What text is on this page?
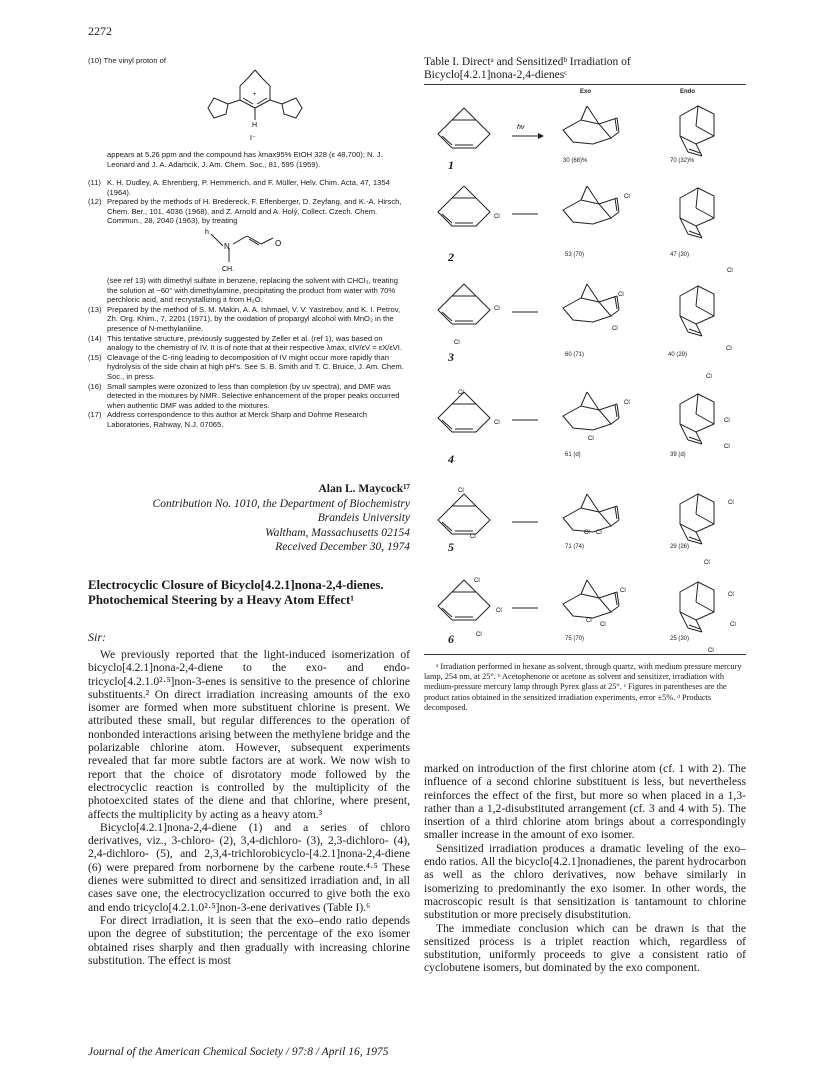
2272
(10) The vinyl proton of
+
H
I⁻
appears at 5.26 ppm and the compound has λmax95% EtOH 328 (ε 48,700); N. J. Leonard and J. A. Adamcik, J. Am. Chem. Soc., 81, 595 (1959).
(11) K. H. Dudley, A. Ehrenberg, P. Hemmerich, and F. Müller, Helv. Chim. Acta, 47, 1354 (1964).
(12) Prepared by the methods of H. Bredereck, F. Effenberger, D. Zeyfang, and K.-A. Hirsch, Chem. Ber., 101, 4036 (1968), and Z. Arnold and A. Holý, Collect. Czech. Chem. Commun., 28, 2040 (1963), by treating
h
N	O
CH.
(see ref 13) with dimethyl sulfate in benzene, replacing the solvent with CHCl₃, treating the solution at −60° with dimethylamine, precipitating the product from water with 70% perchloric acid, and recrystallizing it from H₂O.
(13) Prepared by the method of S. M. Makin, A. A. Ishmael, V. V. Yastrebov, and K. I. Petrov, Zh. Org. Khim., 7, 2201 (1971), by the oxidation of propargyl alcohol with MnO₂ in the presence of N-methylaniline.
(14) This tentative structure, previously suggested by Zeller et al. (ref 1), was based on analogy to the chemistry of IV. It is of note that at their respective λmax, εIV/εV = εX/εVI.
(15) Cleavage of the C-ring leading to decomposition of IV might occur more rapidly than hydrolysis of the side chain at high pH's. See S. B. Smith and T. C. Bruice, J. Am. Chem. Soc., in press.
(16) Small samples were ozonized to less than completion (by uv spectra), and DMF was detected in the mixtures by NMR. Selective enhancement of the proper peaks occurred when authentic DMF was added to the mixtures.
(17) Address correspondence to this author at Merck Sharp and Dohme Research Laboratories, Rahway, N.J. 07065.
Alan L. Maycock¹⁷
Contribution No. 1010, the Department of Biochemistry
Brandeis University
Waltham, Massachusetts 02154
Received December 30, 1974
Electrocyclic Closure of Bicyclo[4.2.1]nona-2,4-dienes. Photochemical Steering by a Heavy Atom Effect¹
Sir:

We previously reported that the light-induced isomerization of bicyclo[4.2.1]nona-2,4-diene to the exo- and endo-tricyclo[4.2.1.0²·⁵]non-3-enes is sensitive to the presence of chlorine substituents.² On direct irradiation increasing amounts of the exo isomer are formed when more substituent chlorine is present. We attributed these small, but regular differences to the operation of nonbonded interactions arising between the methylene bridge and the polarizable chlorine atom. However, subsequent experiments revealed that far more subtle factors are at work. We now wish to report that the choice of disrotatory mode followed by the electrocyclic reaction is controlled by the multiplicity of the photoexcited states of the diene and that chlorine, where present, affects the multiplicity by acting as a heavy atom.³

Bicyclo[4.2.1]nona-2,4-diene (1) and a series of chloro derivatives, viz., 3-chloro- (2), 3,4-dichloro- (3), 2,3-dichloro- (4), 2,4-dichloro- (5), and 2,3,4-trichlorobicyclo-[4.2.1]nona-2,4-diene (6) were prepared from norbornene by the carbene route.⁴·⁵ These dienes were submitted to direct and sensitized irradiation and, in all cases save one, the electrocyclization occurred to give both the exo and endo tricyclo[4.2.1.0²·⁵]non-3-ene derivatives (Table I).⁶

For direct irradiation, it is seen that the exo–endo ratio depends upon the degree of substitution; the percentage of the exo isomer obtained rises sharply and then gradually with increasing chlorine substitution. The effect is most

Table I. Directᵃ and Sensitizedᵇ Irradiation of
Bicyclo[4.2.1]nona-2,4-dienesᶜ
Exo	Endo
hν
Cl
Cl
Cl
Cl
Cl
Cl
Cl
Cl
Cl
Cl
Cl
Cl
Cl
Cl
Cl
Cl
Cl
Cl Cl
Cl
Cl
Cl
Cl
Cl
Cl
Cl
Cl
Cl
Cl
Cl
1	30 (68)%	70 (32)%
2	53 (70)	47 (30)
3	60 (71)	40 (29)
4	61 (d)	39 (d)
5	71 (74)	29 (26)
6	75 (70)	25 (30)
ᵃ Irradiation performed in hexane as solvent, through quartz, with medium pressure mercury lamp, 254 nm, at 25°. ᵇ Acetophenone or acetone as solvent and sensitizer, irradiation with medium-pressure mercury lamp through Pyrex glass at 25°. ᶜ Figures in parentheses are the product ratios obtained in the sensitized irradiation experiments, error ±5%. ᵈ Products decomposed.

marked on introduction of the first chlorine atom (cf. 1 with 2). The influence of a second chlorine substituent is less, but nevertheless reinforces the effect of the first, but more so when placed in a 1,3- rather than a 1,2-disubstituted arrangement (cf. 3 and 4 with 5). The insertion of a third chlorine atom brings about a correspondingly smaller increase in the amount of exo isomer.

Sensitized irradiation produces a dramatic leveling of the exo–endo ratios. All the bicyclo[4.2.1]nonadienes, the parent hydrocarbon as well as the chloro derivatives, now behave similarly in isomerizing to predominantly the exo isomer. In other words, the macroscopic result is that sensitization is tantamount to chlorine substitution or more precisely disubstitution.

The immediate conclusion which can be drawn is that the sensitized process is a triplet reaction which, regardless of substitution, uniformly proceeds to give a consistent ratio of cyclobutene isomers, but dominated by the exo component.

Journal of the American Chemical Society / 97:8 / April 16, 1975
